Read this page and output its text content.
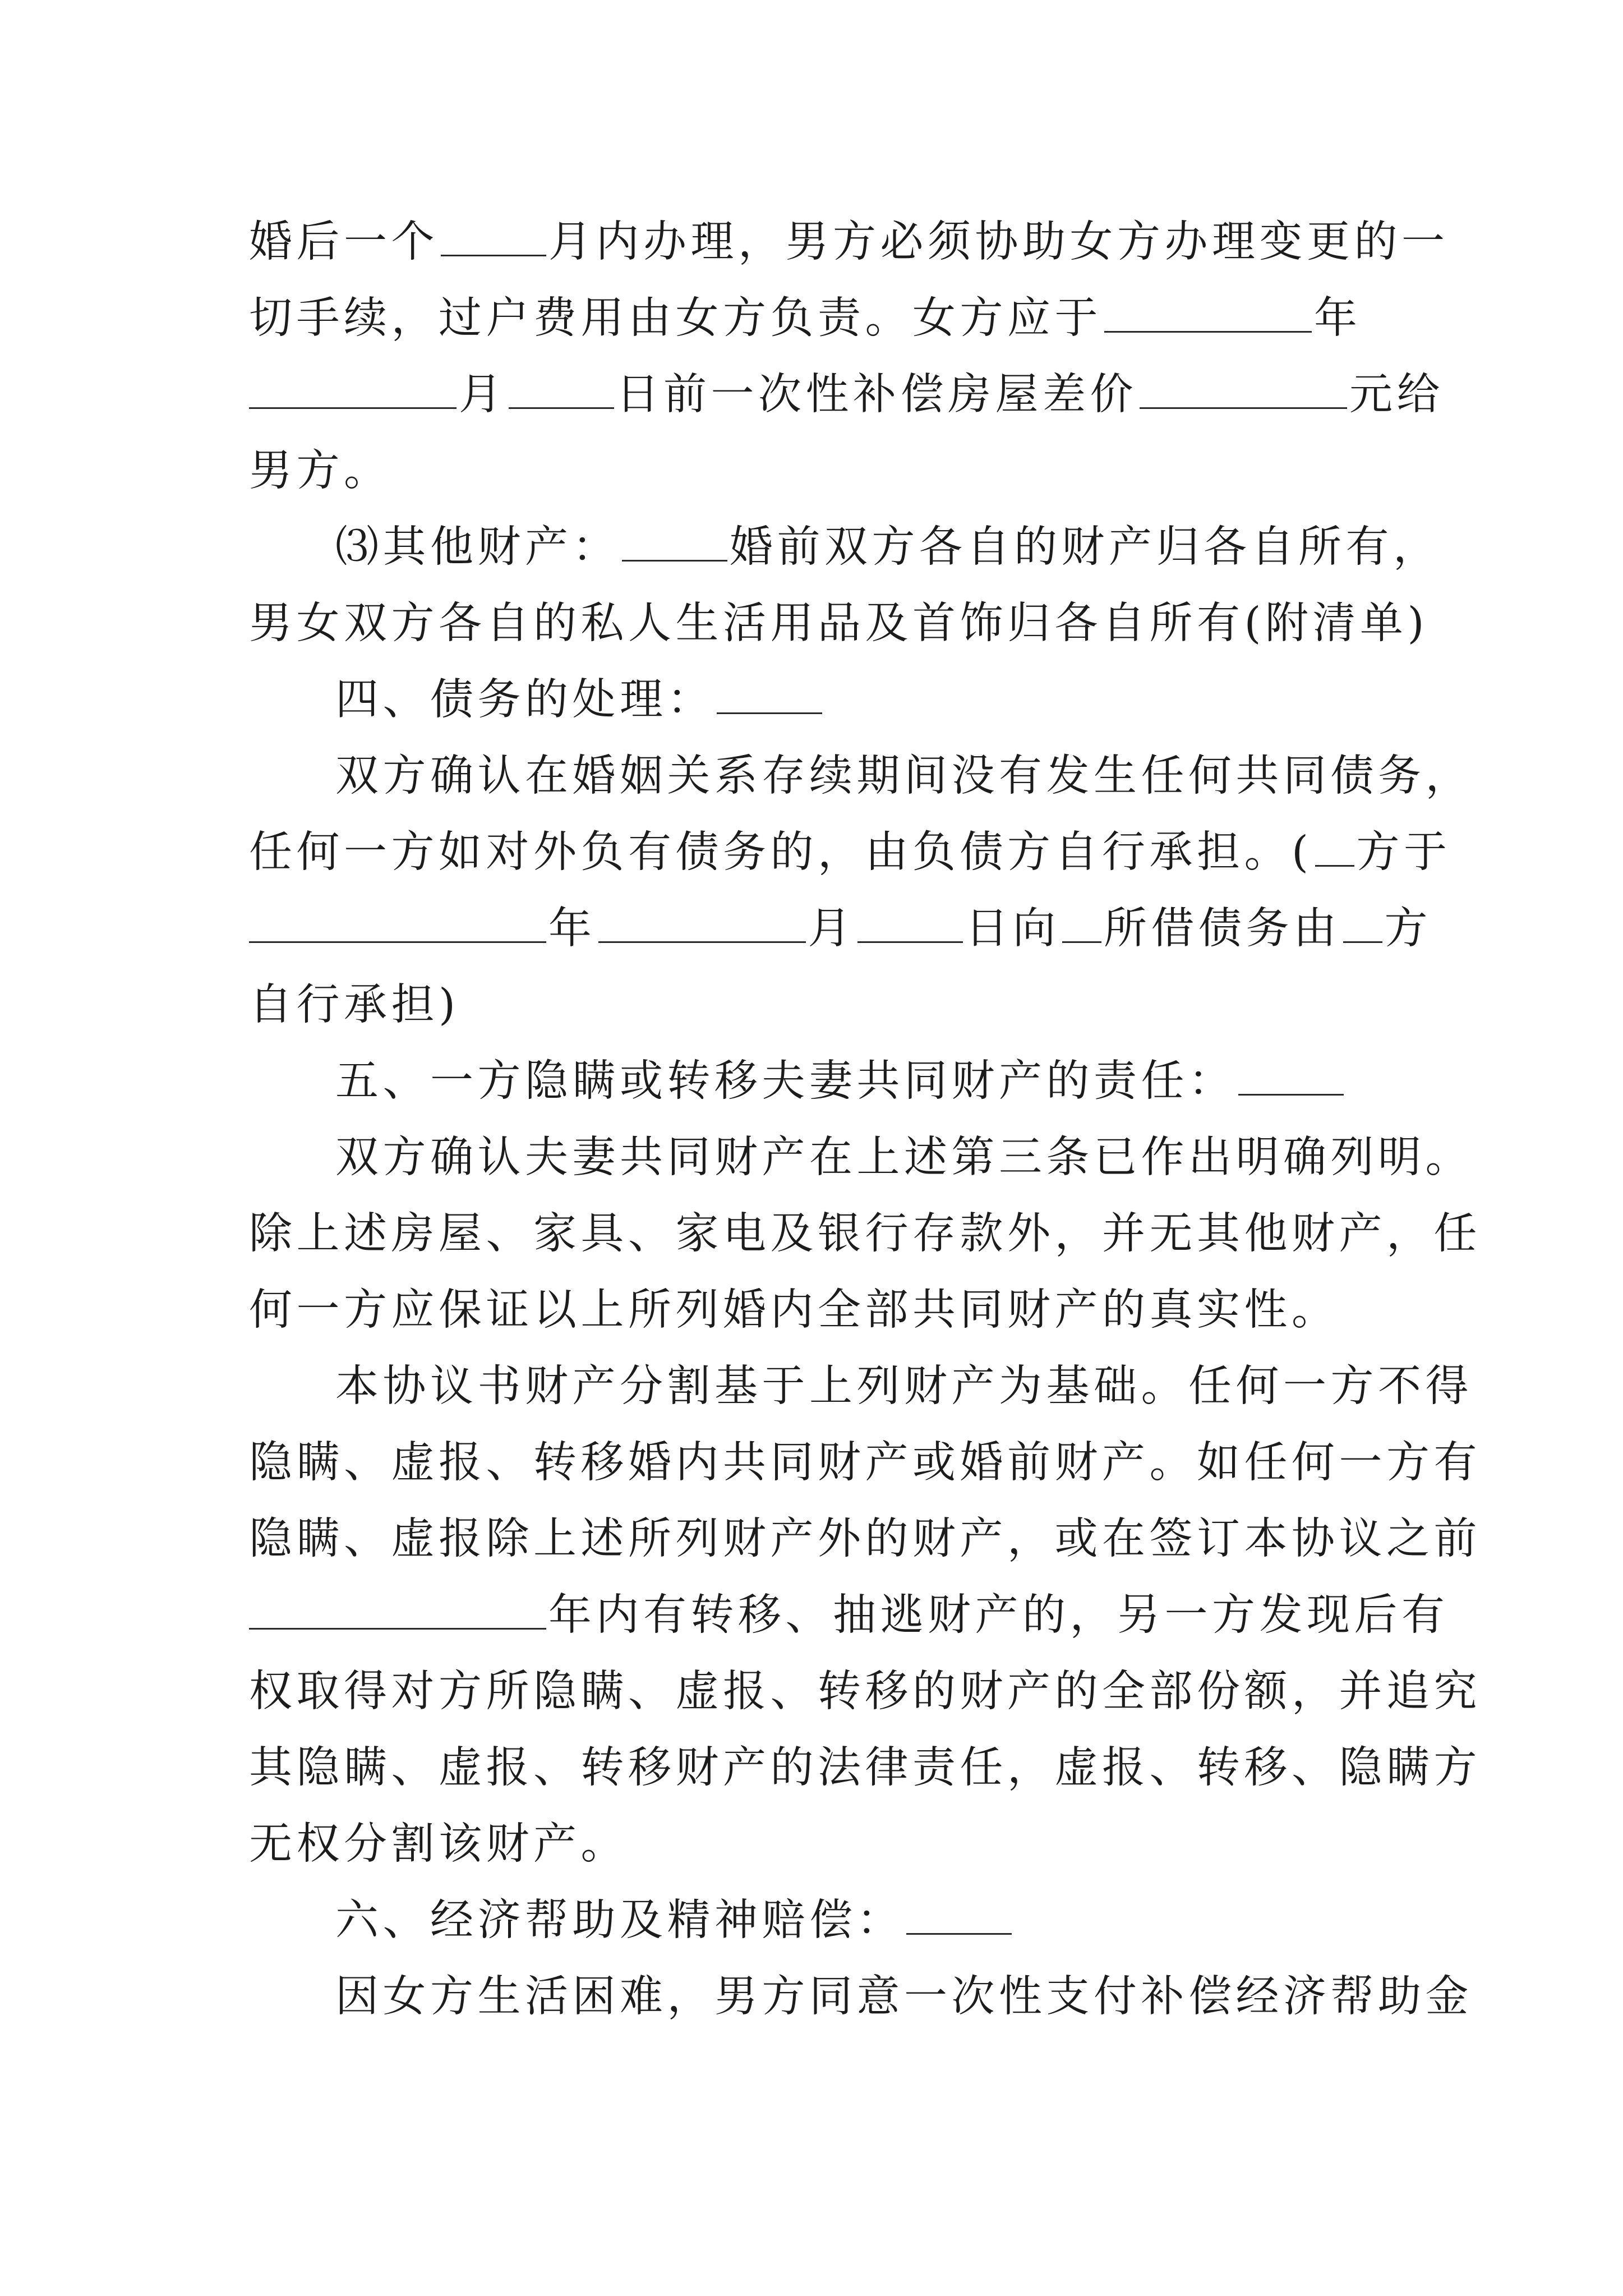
婚后一个	月内办理，男方必须协助女方办理变更的一

切手续，过户费用由女方负责。女方应于	年

月	日前一次性补偿房屋差价	元给

男方。

⑶其他财产：	婚前双方各自的财产归各自所有，

男女双方各自的私人生活用品及首饰归各自所有(附清单)

四、债务的处理：

双方确认在婚姻关系存续期间没有发生任何共同债务，

任何一方如对外负有债务的，由负债方自行承担。( 方于

年	月	日向 所借债务由 方

自行承担)

五、一方隐瞒或转移夫妻共同财产的责任：

双方确认夫妻共同财产在上述第三条已作出明确列明。

除上述房屋、家具、家电及银行存款外，并无其他财产，任

何一方应保证以上所列婚内全部共同财产的真实性。

本协议书财产分割基于上列财产为基础。任何一方不得

隐瞒、虚报、转移婚内共同财产或婚前财产。如任何一方有

隐瞒、虚报除上述所列财产外的财产，或在签订本协议之前

年内有转移、抽逃财产的，另一方发现后有

权取得对方所隐瞒、虚报、转移的财产的全部份额，并追究

其隐瞒、虚报、转移财产的法律责任，虚报、转移、隐瞒方

无权分割该财产。

六、经济帮助及精神赔偿：

因女方生活困难，男方同意一次性支付补偿经济帮助金
